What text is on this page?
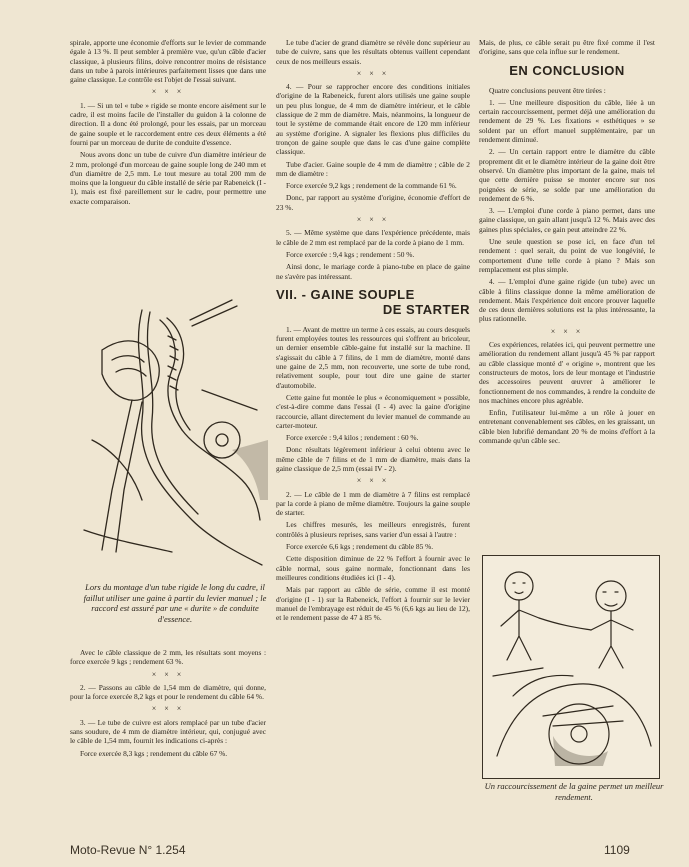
spirale, apporte une économie d'efforts sur le levier de commande égale à 13 %. Il peut sembler à première vue, qu'un câble d'acier classique, à plusieurs filins, doive rencontrer moins de résistance dans un tube à parois intérieures parfaitement lisses que dans une gaine classique. Le contrôle est l'objet de l'essai suivant.

× × ×

1. — Si un tel « tube » rigide se monte encore aisément sur le cadre, il est moins facile de l'installer du guidon à la colonne de direction. Il a donc été prolongé, pour les essais, par un morceau de gaine souple et le raccordement entre ces deux éléments a été fourni par un morceau de durite de conduite d'essence.

Nous avons donc un tube de cuivre d'un diamètre intérieur de 2 mm, prolongé d'un morceau de gaine souple long de 240 mm et d'un diamètre de 2,5 mm. Le tout mesure au total 200 mm de moins que la longueur du câble installé de série par Rabeneick (I - 1), mais est fixé pareillement sur le cadre, pour permettre une exacte comparaison.

Lors du montage d'un tube rigide le long du cadre, il faillut utiliser une gaine à partir du levier manuel ; le raccord est assuré par une « durite » de conduite d'essence.

Avec le câble classique de 2 mm, les résultats sont moyens : force exercée 9 kgs ; rendement 63 %.

× × ×

2. — Passons au câble de 1,54 mm de diamètre, qui donne, pour la force exercée 8,2 kgs et pour le rendement du câble 64 %.

× × ×

3. — Le tube de cuivre est alors remplacé par un tube d'acier sans soudure, de 4 mm de diamètre intérieur, qui, conjugué avec le câble de 1,54 mm, fournit les indications ci-après :

Force exercée 8,3 kgs ; rendement du câble 67 %.

Le tube d'acier de grand diamètre se révèle donc supérieur au tube de cuivre, sans que les résultats obtenus vaillent cependant ceux de nos meilleurs essais.

× × ×

4. — Pour se rapprocher encore des conditions initiales d'origine de la Rabeneick, furent alors utilisés une gaine souple un peu plus longue, de 4 mm de diamètre intérieur, et le câble classique de 2 mm de diamètre. Mais, néanmoins, la longueur de tout le système de commande était encore de 120 mm inférieur au système d'origine. A signaler les flexions plus difficiles du tronçon de gaine souple que dans le cas d'une gaine complète classique.

Tube d'acier. Gaine souple de 4 mm de diamètre ; câble de 2 mm de diamètre :

Force exercée 9,2 kgs ; rendement de la commande 61 %.

Donc, par rapport au système d'origine, économie d'effort de 23 %.

× × ×

5. — Même système que dans l'expérience précédente, mais le câble de 2 mm est remplacé par de la corde à piano de 1 mm.

Force exercée : 9,4 kgs ; rendement : 50 %.

Ainsi donc, le mariage corde à piano-tube en place de gaine ne s'avère pas intéressant.

VII. - GAINE SOUPLE
DE STARTER

1. — Avant de mettre un terme à ces essais, au cours desquels furent employées toutes les ressources qui s'offrent au bricoleur, un dernier ensemble câble-gaine fut installé sur la machine. Il s'agissait du câble à 7 filins, de 1 mm de diamètre, monté dans une gaine de 2,5 mm, non recouverte, une sorte de tube rond, relativement souple, pour tout dire une gaine de starter d'automobile.

Cette gaine fut montée le plus « économiquement » possible, c'est-à-dire comme dans l'essai (I - 4) avec la gaine d'origine raccourcie, allant directement du levier manuel de commande au carter-moteur.

Force exercée : 9,4 kilos ; rendement : 60 %.

Donc résultats légèrement inférieur à celui obtenu avec le même câble de 7 filins et de 1 mm de diamètre, mais dans la gaine classique de 2,5 mm (essai IV - 2).

× × ×

2. — Le câble de 1 mm de diamètre à 7 filins est remplacé par la corde à piano de même diamètre. Toujours la gaine souple de starter.

Les chiffres mesurés, les meilleurs enregistrés, furent contrôlés à plusieurs reprises, sans varier d'un essai à l'autre :

Force exercée 6,6 kgs ; rendement du câble 85 %.

Cette disposition diminue de 22 % l'effort à fournir avec le câble normal, sous gaine normale, fonctionnant dans les meilleures conditions étudiées ici (I - 4).

Mais par rapport au câble de série, comme il est monté d'origine (I - 1) sur la Rabeneick, l'effort à fournir sur le levier manuel de l'embrayage est réduit de 45 % (6,6 kgs au lieu de 12), et le rendement passe de 47 à 85 %.

Mais, de plus, ce câble serait pu être fixé comme il l'est d'origine, sans que cela influe sur le rendement.

EN CONCLUSION

Quatre conclusions peuvent être tirées :

1. — Une meilleure disposition du câble, liée à un certain raccourcissement, permet déjà une amélioration du rendement de 29 %. Les fixations « esthétiques » se soldent par un effort manuel supplémentaire, par un rendement diminué.

2. — Un certain rapport entre le diamètre du câble proprement dit et le diamètre intérieur de la gaine doit être observé. Un diamètre plus important de la gaine, mais tel que cette dernière puisse se monter encore sur nos poignées de série, se solde par une amélioration du rendement de 6 %.

3. — L'emploi d'une corde à piano permet, dans une gaine classique, un gain allant jusqu'à 12 %. Mais avec des gaines plus spéciales, ce gain peut atteindre 22 %.

Une seule question se pose ici, en face d'un tel rendement : quel serait, du point de vue longévité, le comportement d'une telle corde à piano ? Mais son remplacement est plus simple.

4. — L'emploi d'une gaine rigide (un tube) avec un câble à filins classique donne la même amélioration de rendement. Mais l'expérience doit encore prouver laquelle de ces deux dernières solutions est la plus intéressante, la plus rationnelle.

× × ×

Ces expériences, relatées ici, qui peuvent permettre une amélioration du rendement allant jusqu'à 45 % par rapport au câble classique monté d' « origine », montrent que les constructeurs de motos, lors de leur montage et l'industrie des accessoires peuvent œuvrer à améliorer le fonctionnement de nos commandes, à rendre la conduite de nos machines encore plus agréable.

Enfin, l'utilisateur lui-même a un rôle à jouer en entretenant convenablement ses câbles, en les graissant, un câble bien lubrifié demandant 20 % de moins d'effort à la commande qu'un câble sec.

Un raccourcissement de la gaine permet un meilleur rendement.
Moto-Revue N° 1.254	1109
